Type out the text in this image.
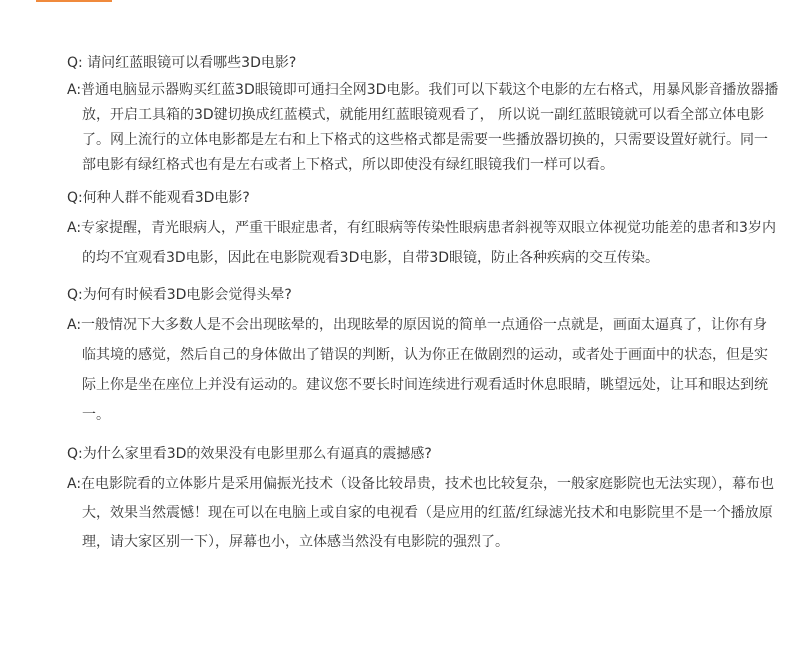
Q: 请问红蓝眼镜可以看哪些3D电影?

A:普通电脑显示器购买红蓝3D眼镜即可通扫全网3D电影。我们可以下载这个电影的左右格式，用暴风影音播放器播放，开启工具箱的3D键切换成红蓝模式，就能用红蓝眼镜观看了， 所以说一副红蓝眼镜就可以看全部立体电影了。网上流行的立体电影都是左右和上下格式的这些格式都是需要一些播放器切换的，只需要设置好就行。同一部电影有绿红格式也有是左右或者上下格式，所以即使没有绿红眼镜我们一样可以看。

Q:何种人群不能观看3D电影?

A:专家提醒，青光眼病人，严重干眼症患者，有红眼病等传染性眼病患者斜视等双眼立体视觉功能差的患者和3岁内的均不宜观看3D电影，因此在电影院观看3D电影，自带3D眼镜，防止各种疾病的交互传染。

Q:为何有时候看3D电影会觉得头晕?

A:一般情况下大多数人是不会出现眩晕的，出现眩晕的原因说的简单一点通俗一点就是，画面太逼真了，让你有身临其境的感觉，然后自己的身体做出了错误的判断，认为你正在做剧烈的运动，或者处于画面中的状态，但是实际上你是坐在座位上并没有运动的。建议您不要长时间连续进行观看适时休息眼睛，眺望远处，让耳和眼达到统一。

Q:为什么家里看3D的效果没有电影里那么有逼真的震撼感?

A:在电影院看的立体影片是采用偏振光技术（设备比较昂贵，技术也比较复杂，一般家庭影院也无法实现），幕布也大，效果当然震憾！现在可以在电脑上或自家的电视看（是应用的红蓝/红绿滤光技术和电影院里不是一个播放原理，请大家区别一下），屏幕也小，立体感当然没有电影院的强烈了。
